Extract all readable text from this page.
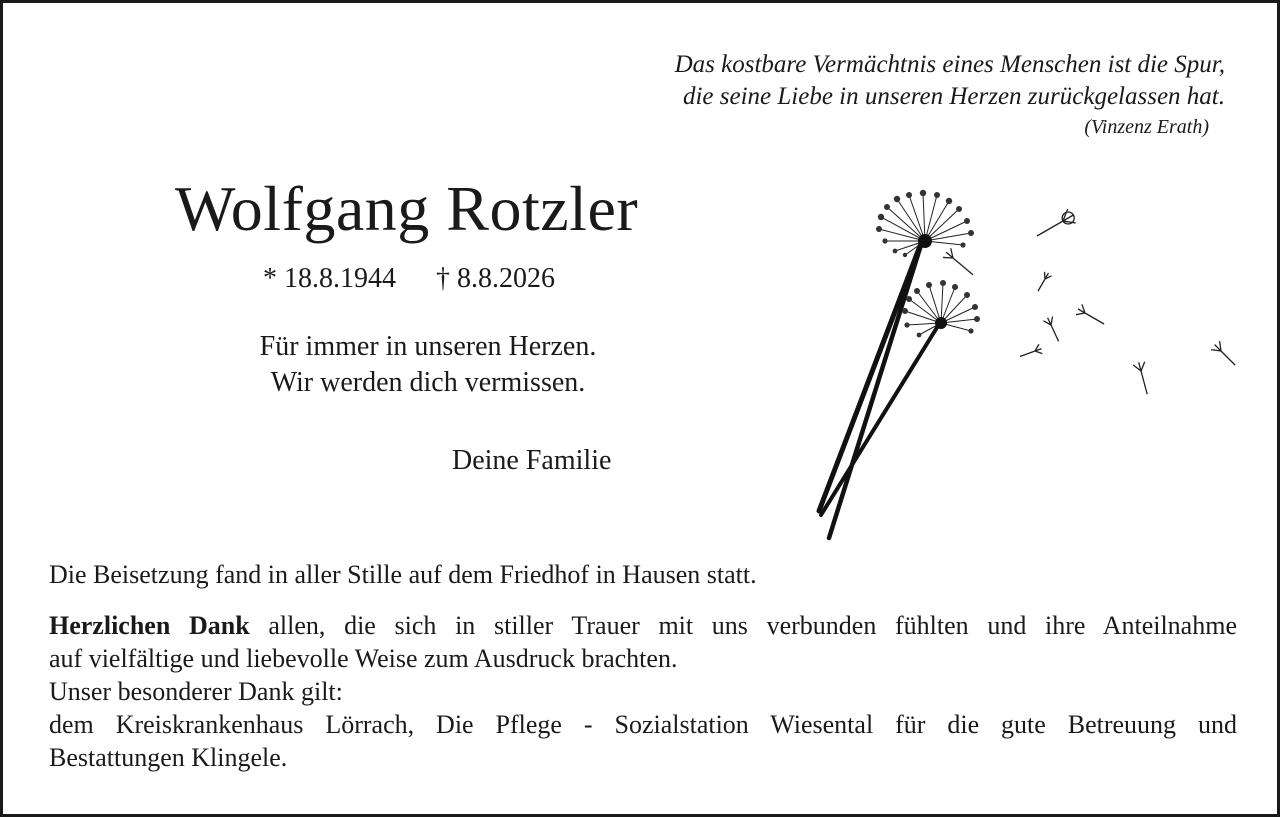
Das kostbare Vermächtnis eines Menschen ist die Spur,
die seine Liebe in unseren Herzen zurückgelassen hat.
(Vinzenz Erath)
Wolfgang Rotzler
* 18.8.1944 † 8.8.2026
Für immer in unseren Herzen.
Wir werden dich vermissen.
Deine Familie
Die Beisetzung fand in aller Stille auf dem Friedhof in Hausen statt.
Herzlichen Dank allen, die sich in stiller Trauer mit uns verbunden fühlten und ihre Anteilnahme
auf vielfältige und liebevolle Weise zum Ausdruck brachten.
Unser besonderer Dank gilt:
dem Kreiskrankenhaus Lörrach, Die Pflege - Sozialstation Wiesental für die gute Betreuung und
Bestattungen Klingele.
